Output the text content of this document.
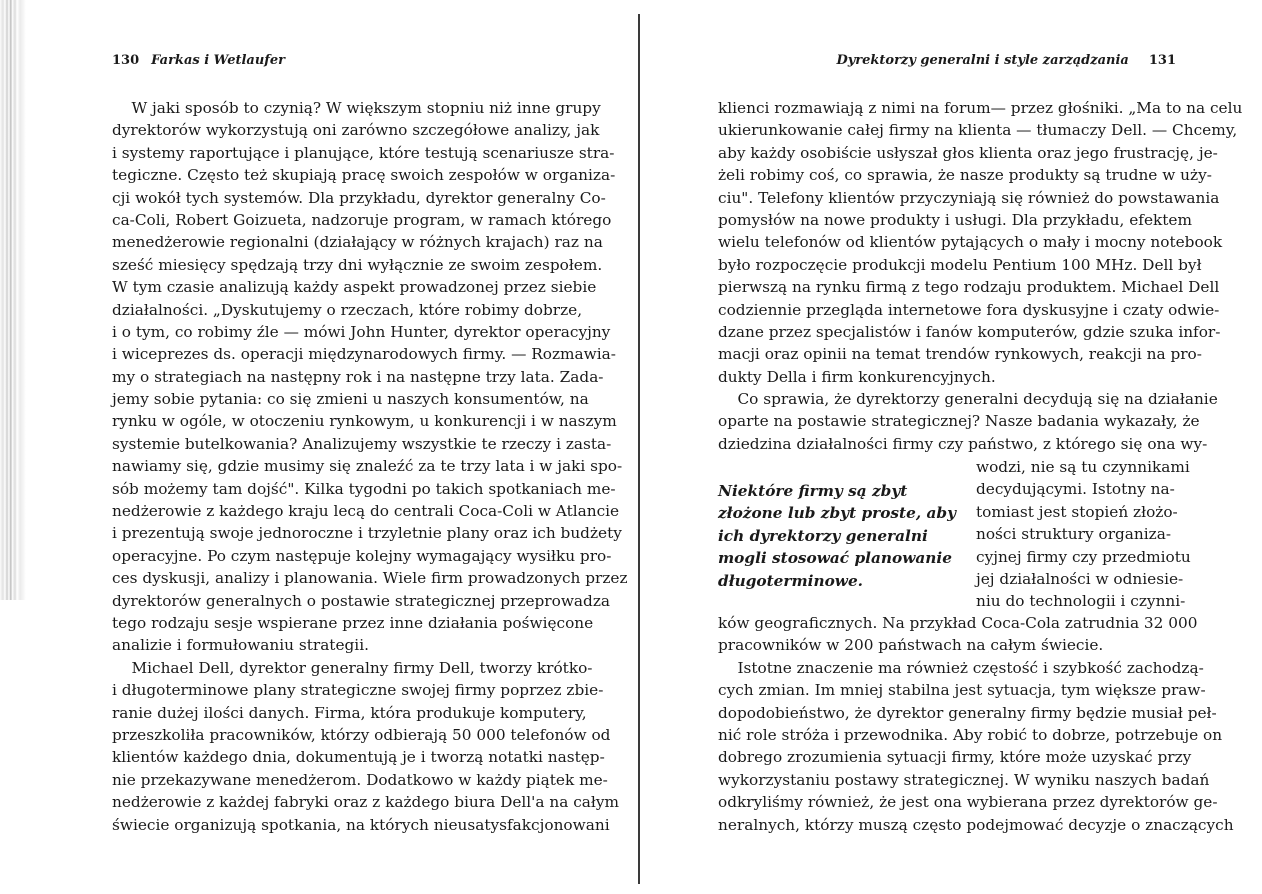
130 Farkas i Wetlaufer
W jaki sposób to czynią? W większym stopniu niż inne grupy
dyrektorów wykorzystują oni zarówno szczegółowe analizy, jak
i systemy raportujące i planujące, które testują scenariusze stra-
tegiczne. Często też skupiają pracę swoich zespołów w organiza-
cji wokół tych systemów. Dla przykładu, dyrektor generalny Co-
ca-Coli, Robert Goizueta, nadzoruje program, w ramach którego
menedżerowie regionalni (działający w różnych krajach) raz na
sześć miesięcy spędzają trzy dni wyłącznie ze swoim zespołem.
W tym czasie analizują każdy aspekt prowadzonej przez siebie
działalności. „Dyskutujemy o rzeczach, które robimy dobrze,
i o tym, co robimy źle — mówi John Hunter, dyrektor operacyjny
i wiceprezes ds. operacji międzynarodowych firmy. — Rozmawia-
my o strategiach na następny rok i na następne trzy lata. Zada-
jemy sobie pytania: co się zmieni u naszych konsumentów, na
rynku w ogóle, w otoczeniu rynkowym, u konkurencji i w naszym
systemie butelkowania? Analizujemy wszystkie te rzeczy i zasta-
nawiamy się, gdzie musimy się znaleźć za te trzy lata i w jaki spo-
sób możemy tam dojść". Kilka tygodni po takich spotkaniach me-
nedżerowie z każdego kraju lecą do centrali Coca-Coli w Atlancie
i prezentują swoje jednoroczne i trzyletnie plany oraz ich budżety
operacyjne. Po czym następuje kolejny wymagający wysiłku pro-
ces dyskusji, analizy i planowania. Wiele firm prowadzonych przez
dyrektorów generalnych o postawie strategicznej przeprowadza
tego rodzaju sesje wspierane przez inne działania poświęcone
analizie i formułowaniu strategii.
Michael Dell, dyrektor generalny firmy Dell, tworzy krótko-
i długoterminowe plany strategiczne swojej firmy poprzez zbie-
ranie dużej ilości danych. Firma, która produkuje komputery,
przeszkoliła pracowników, którzy odbierają 50 000 telefonów od
klientów każdego dnia, dokumentują je i tworzą notatki następ-
nie przekazywane menedżerom. Dodatkowo w każdy piątek me-
nedżerowie z każdej fabryki oraz z każdego biura Dell'a na całym
świecie organizują spotkania, na których nieusatysfakcjonowani
Dyrektorzy generalni i style zarządzania 131
klienci rozmawiają z nimi na forum— przez głośniki. „Ma to na celu
ukierunkowanie całej firmy na klienta — tłumaczy Dell. — Chcemy,
aby każdy osobiście usłyszał głos klienta oraz jego frustrację, je-
żeli robimy coś, co sprawia, że nasze produkty są trudne w uży-
ciu". Telefony klientów przyczyniają się również do powstawania
pomysłów na nowe produkty i usługi. Dla przykładu, efektem
wielu telefonów od klientów pytających o mały i mocny notebook
było rozpoczęcie produkcji modelu Pentium 100 MHz. Dell był
pierwszą na rynku firmą z tego rodzaju produktem. Michael Dell
codziennie przegląda internetowe fora dyskusyjne i czaty odwie-
dzane przez specjalistów i fanów komputerów, gdzie szuka infor-
macji oraz opinii na temat trendów rynkowych, reakcji na pro-
dukty Della i firm konkurencyjnych.
Co sprawia, że dyrektorzy generalni decydują się na działanie
oparte na postawie strategicznej? Nasze badania wykazały, że
dziedzina działalności firmy czy państwo, z którego się ona wy-
Niektóre firmy są zbyt
złożone lub zbyt proste, aby
ich dyrektorzy generalni
mogli stosować planowanie
długoterminowe.
wodzi, nie są tu czynnikami
decydującymi. Istotny na-
tomiast jest stopień złożo-
ności struktury organiza-
cyjnej firmy czy przedmiotu
jej działalności w odniesie-
niu do technologii i czynni-
ków geograficznych. Na przykład Coca-Cola zatrudnia 32 000
pracowników w 200 państwach na całym świecie.
Istotne znaczenie ma również częstość i szybkość zachodzą-
cych zmian. Im mniej stabilna jest sytuacja, tym większe praw-
dopodobieństwo, że dyrektor generalny firmy będzie musiał peł-
nić role stróża i przewodnika. Aby robić to dobrze, potrzebuje on
dobrego zrozumienia sytuacji firmy, które może uzyskać przy
wykorzystaniu postawy strategicznej. W wyniku naszych badań
odkryliśmy również, że jest ona wybierana przez dyrektorów ge-
neralnych, którzy muszą często podejmować decyzje o znaczących
